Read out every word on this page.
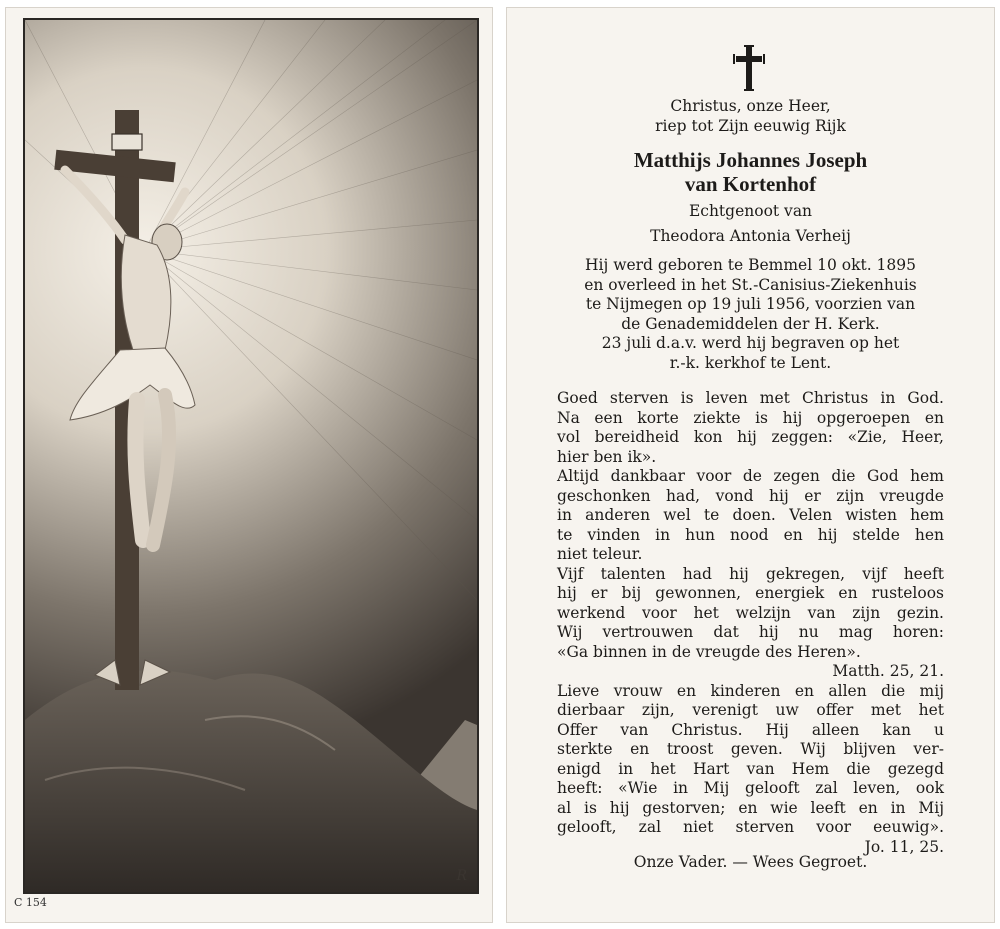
R
C 154
Christus, onze Heer,
riep tot Zijn eeuwig Rijk
Matthijs Johannes Joseph
van Kortenhof
Echtgenoot van
Theodora Antonia Verheij
Hij werd geboren te Bemmel 10 okt. 1895
en overleed in het St.-Canisius-Ziekenhuis
te Nijmegen op 19 juli 1956, voorzien van
de Genademiddelen der H. Kerk.
23 juli d.a.v. werd hij begraven op het
r.-k. kerkhof te Lent.
Goed sterven is leven met Christus in God.
Na een korte ziekte is hij opgeroepen en
vol bereidheid kon hij zeggen: «Zie, Heer,
hier ben ik».
Altijd dankbaar voor de zegen die God hem
geschonken had, vond hij er zijn vreugde
in anderen wel te doen. Velen wisten hem
te vinden in hun nood en hij stelde hen
niet teleur.
Vijf talenten had hij gekregen, vijf heeft
hij er bij gewonnen, energiek en rusteloos
werkend voor het welzijn van zijn gezin.
Wij vertrouwen dat hij nu mag horen:
«Ga binnen in de vreugde des Heren».
Matth. 25, 21.
Lieve vrouw en kinderen en allen die mij
dierbaar zijn, verenigt uw offer met het
Offer van Christus. Hij alleen kan u
sterkte en troost geven. Wij blijven ver-
enigd in het Hart van Hem die gezegd
heeft: «Wie in Mij gelooft zal leven, ook
al is hij gestorven; en wie leeft en in Mij
gelooft, zal niet sterven voor eeuwig».
Jo. 11, 25.
Onze Vader. — Wees Gegroet.
